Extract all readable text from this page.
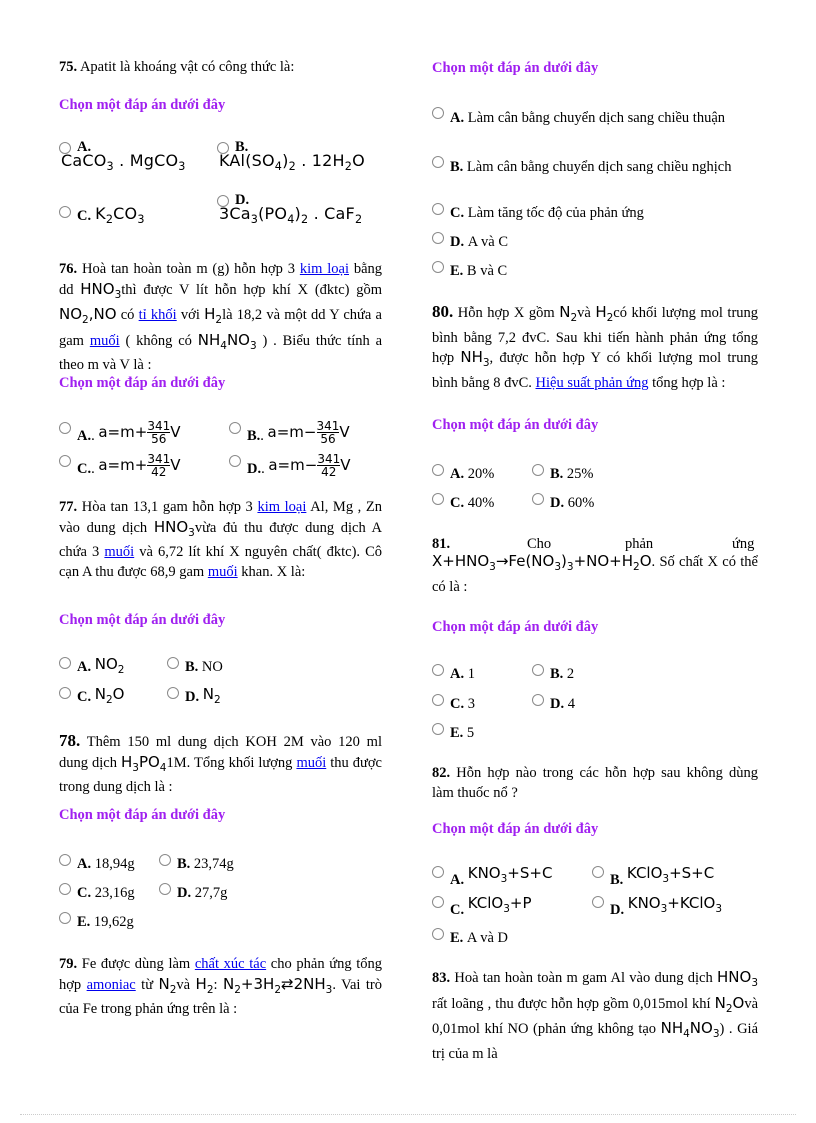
75. Apatit là khoáng vật có công thức là:
Chọn một đáp án dưới đây
A.
CaCO$_3$ . MgCO$_3$
B.
$KAl(SO_4)_2$ . $12H_2O$
C. $K_2CO_3$
D.
$3Ca_3(PO_4)_2$ . CaF$_2$
76. Hoà tan hoàn toàn m (g) hỗn hợp 3 kim loại bằng dd $HNO_3thì$ được V lít hỗn hợp khí X (đktc) gồm $NO_2,NO$ có tỉ khối với $H_2là$ 18,2 và một dd Y chứa a gam muối ( không có $NH_4NO_3$ ) . Biểu thức tính a theo m và V là :
Chọn một đáp án dưới đây
A. . $a=m+ \frac{341}{56}$ V	B. . $a=m- \frac{341}{56}$ V
C. . $a=m+ \frac{341}{42}$ V	D. . $a=m- \frac{341}{42}$ V
77. Hòa tan 13,1 gam hỗn hợp 3 kim loại Al, Mg , Zn vào dung dịch $HNO_3vừa$ đủ thu được dung dịch A chứa 3 muối và 6,72 lít khí X nguyên chất( đktc). Cô cạn A thu được 68,9 gam muối khan. X là:
Chọn một đáp án dưới đây
A.
$NO_2$	B.
NO
C.
$N_2O$	D.
$N_2$
78. Thêm 150 ml dung dịch KOH 2M vào 120 ml dung dịch $H_3PO_41M$. Tổng khối lượng muối thu được trong dung dịch là :
Chọn một đáp án dưới đây
A.
18,94g	B.
23,74g
C.
23,16g	D.
27,7g
E.
19,62g
79. Fe được dùng làm chất xúc tác cho phản ứng tổng hợp amoniac từ $N_2và$ $H_2$: $N_2+3H_2⇄2NH_3$. Vai trò của Fe trong phản ứng trên là :
Chọn một đáp án dưới đây
A. Làm cân bằng chuyển dịch sang chiều thuận
B. Làm cân bằng chuyển dịch sang chiều nghịch
C.
Làm tăng tốc độ của phản ứng
D.
A và C
E.
B và C
80. Hỗn hợp X gồm $N_2và$ $H_2có$ khối lượng mol trung bình bằng 7,2 đvC. Sau khi tiến hành phản ứng tổng hợp $NH_3$, được hỗn hợp Y có khối lượng mol trung bình bằng 8 đvC. Hiệu suất phản ứng tổng hợp là :
Chọn một đáp án dưới đây
A.
20%	B.
25%
C.
40%	D.
60%
81.	Cho	phản	ứng
$X+HNO_3\to Fe(NO_3)_3+NO+H_2O$. Số chất X có thể có là :
Chọn một đáp án dưới đây
A.
1	B.
2
C.
3	D.
4
E.
5
82. Hỗn hợp nào trong các hỗn hợp sau không dùng làm thuốc nổ ?
Chọn một đáp án dưới đây
A.
$KNO_3+S+C$	B.
KClO$_3$+S+C
C.
KClO$_3$+P	D.
$KNO_3+KClO_3$
E.
A và D
83. Hoà tan hoàn toàn m gam Al vào dung dịch $HNO_3$ rất loãng , thu được hỗn hợp gồm 0,015mol khí $N_2Ovà$ 0,01mol khí NO (phản ứng không tạo $NH_4NO_3$) . Giá trị của m là
